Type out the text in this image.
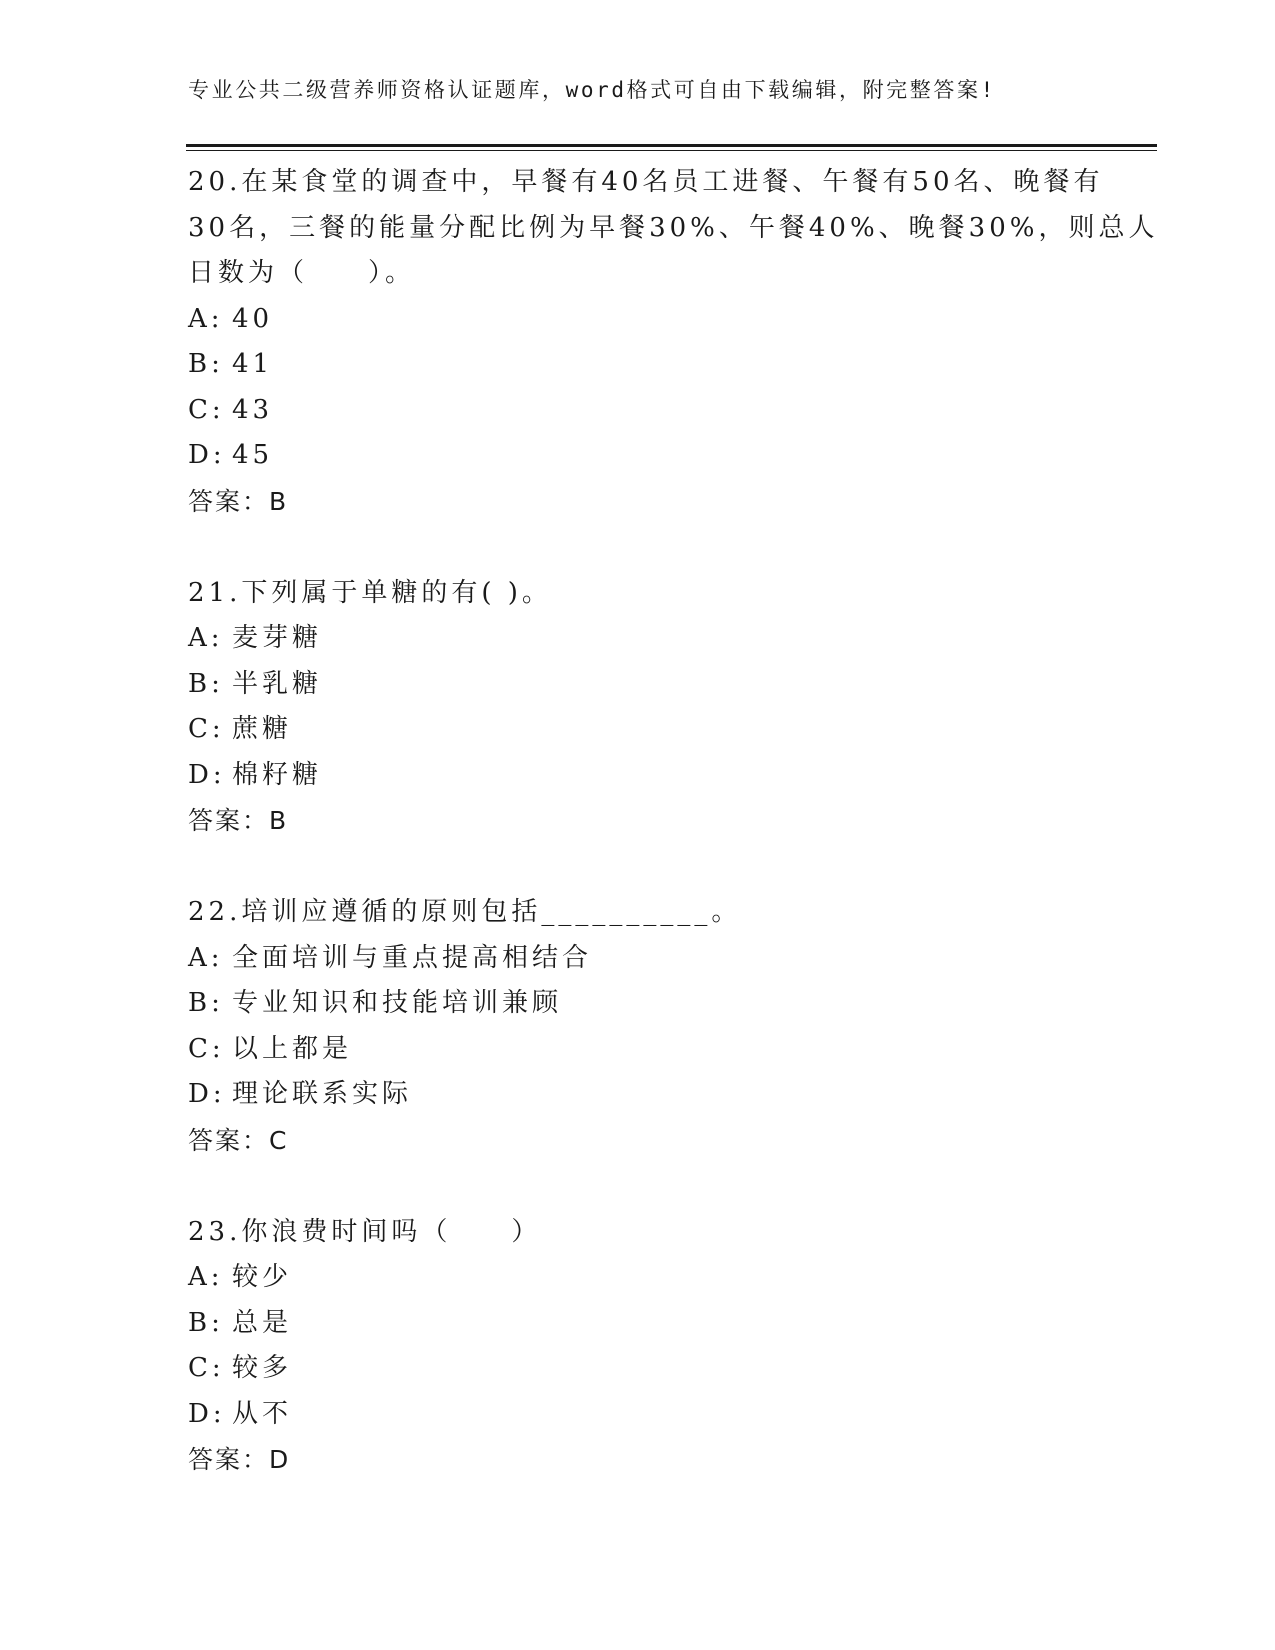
专业公共二级营养师资格认证题库，word格式可自由下载编辑，附完整答案!
20.在某食堂的调查中，早餐有40名员工进餐、午餐有50名、晚餐有
30名，三餐的能量分配比例为早餐30%、午餐40%、晚餐30%，则总人
日数为（　　）。
A: 40
B: 41
C: 43
D: 45
答案：B
21.下列属于单糖的有( )。
A: 麦芽糖
B: 半乳糖
C: 蔗糖
D: 棉籽糖
答案：B
22.培训应遵循的原则包括__________。
A: 全面培训与重点提高相结合
B: 专业知识和技能培训兼顾
C: 以上都是
D: 理论联系实际
答案：C
23.你浪费时间吗（　　）
A: 较少
B: 总是
C: 较多
D: 从不
答案：D
